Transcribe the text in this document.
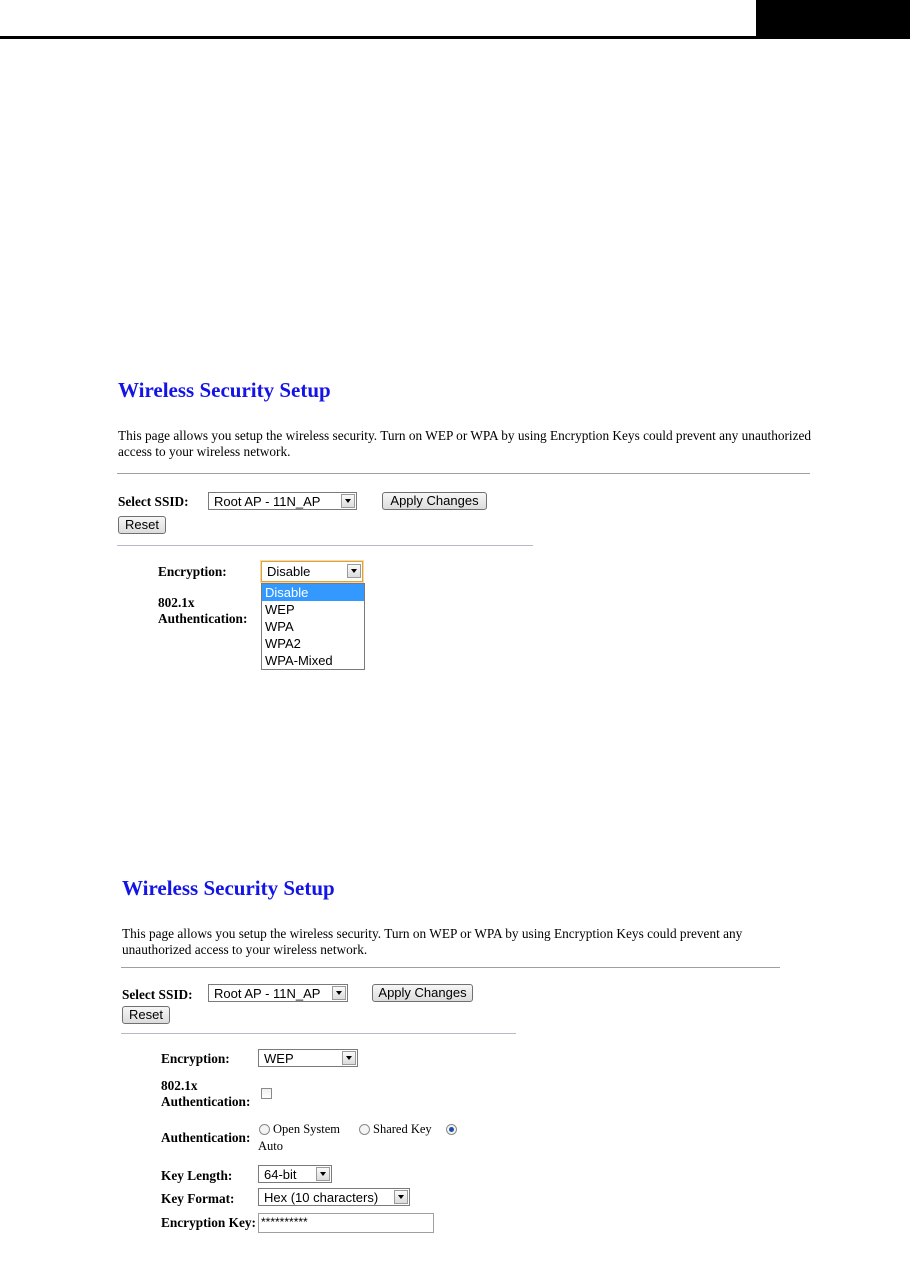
Wireless Security Setup
This page allows you setup the wireless security. Turn on WEP or WPA by using Encryption Keys could prevent any unauthorized access to your wireless network.
Select SSID:	Root AP - 11N_AP	Apply Changes
Reset
Encryption:	Disable
802.1x
Authentication:
Disable
WEP
WPA
WPA2
WPA-Mixed
Wireless Security Setup
This page allows you setup the wireless security. Turn on WEP or WPA by using Encryption Keys could prevent any unauthorized access to your wireless network.
Select SSID:	Root AP - 11N_AP	Apply Changes
Reset
Encryption:	WEP
802.1x
Authentication:
Authentication:
Open System	Shared Key
Auto
Key Length:	64-bit
Key Format:	Hex (10 characters)
Encryption Key: **********
